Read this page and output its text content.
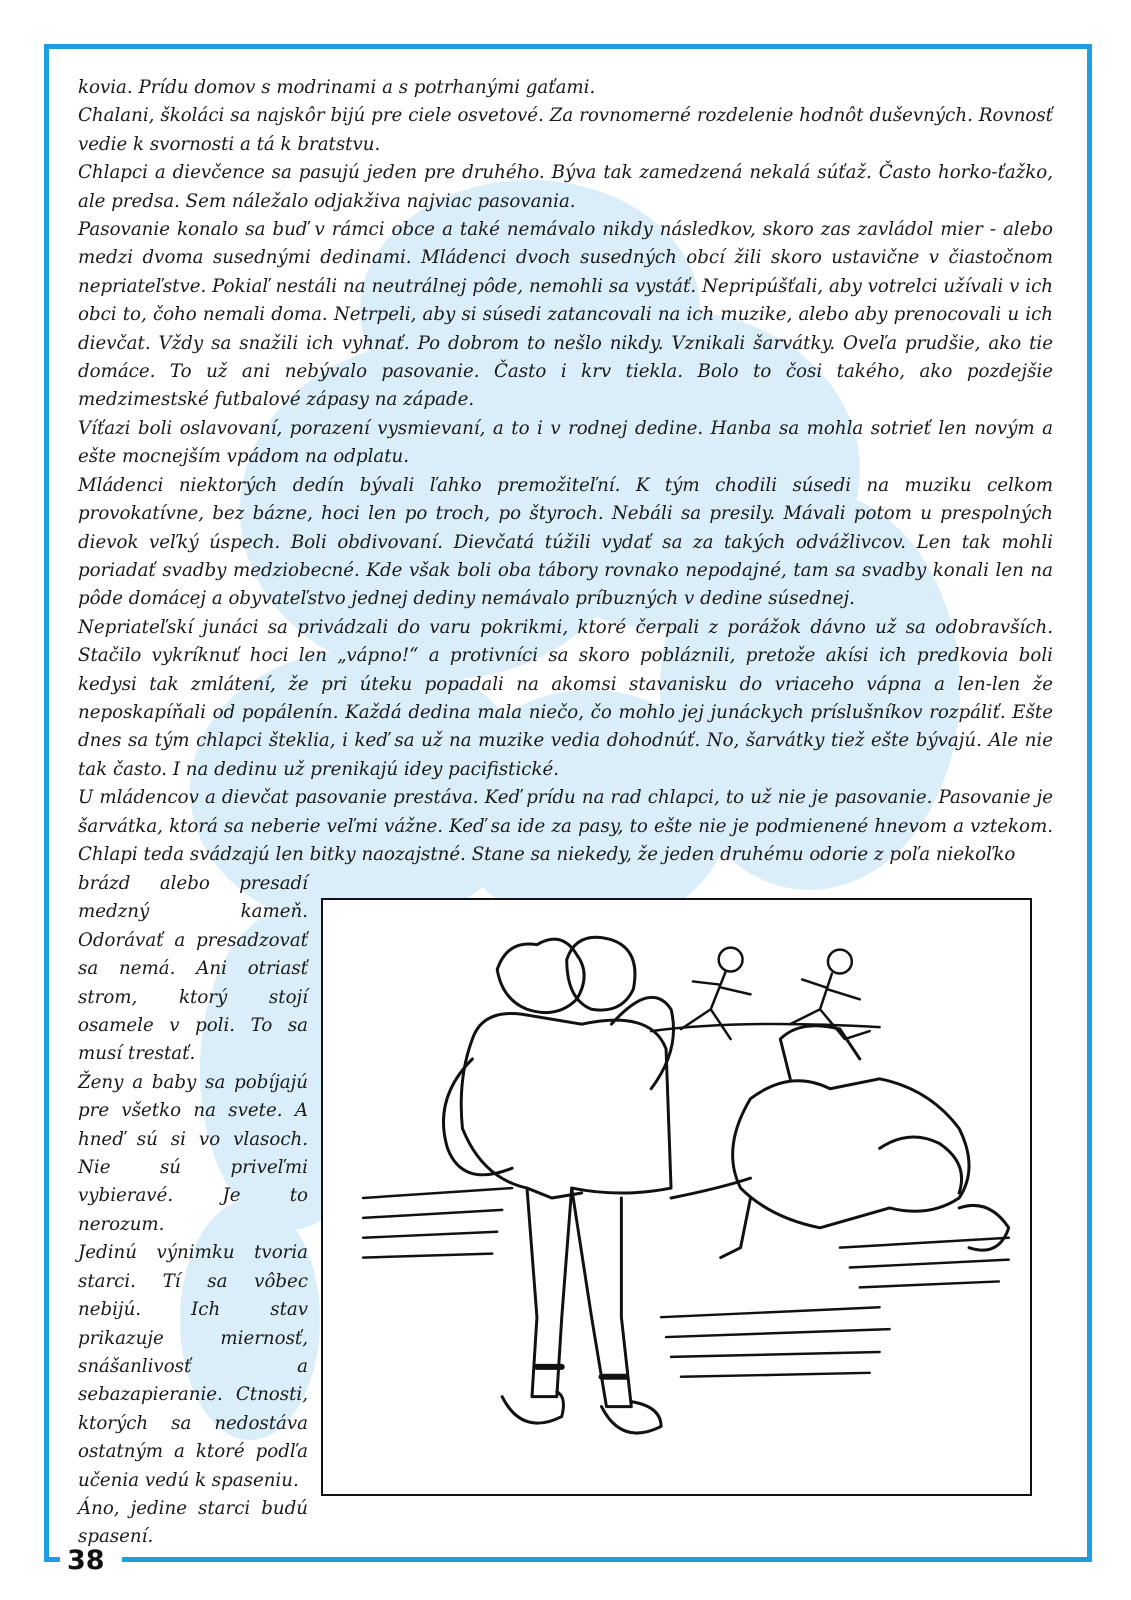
38

kovia. Prídu domov s modrinami a s potrhanými gaťami.

Chalani, školáci sa najskôr bijú pre ciele osvetové. Za rovnomerné rozdelenie hodnôt duševných. Rovnosť vedie k svornosti a tá k bratstvu.

Chlapci a dievčence sa pasujú jeden pre druhého. Býva tak zamedzená nekalá súťaž. Často horko-ťažko, ale predsa. Sem náležalo odjakživa najviac pasovania.

Pasovanie konalo sa buď v rámci obce a také nemávalo nikdy následkov, skoro zas zavládol mier - alebo medzi dvoma susednými dedinami. Mládenci dvoch susedných obcí žili skoro ustavične v čiastočnom nepriateľstve. Pokiaľ nestáli na neutrálnej pôde, nemohli sa vystáť. Nepripúšťali, aby votrelci užívali v ich obci to, čoho nemali doma. Netrpeli, aby si súsedi zatancovali na ich muzike, alebo aby prenocovali u ich dievčat. Vždy sa snažili ich vyhnať. Po dobrom to nešlo nikdy. Vznikali šarvátky. Oveľa prudšie, ako tie domáce. To už ani nebývalo pasovanie. Často i krv tiekla. Bolo to čosi takého, ako pozdejšie medzimestské futbalové zápasy na západe.

Víťazi boli oslavovaní, porazení vysmievaní, a to i v rodnej dedine. Hanba sa mohla sotrieť len novým a ešte mocnejším vpádom na odplatu.

Mládenci niektorých dedín bývali ľahko premožiteľní. K tým chodili súsedi na muziku celkom provokatívne, bez bázne, hoci len po troch, po štyroch. Nebáli sa presily. Mávali potom u prespolných dievok veľký úspech. Boli obdivovaní. Dievčatá túžili vydať sa za takých odvážlivcov. Len tak mohli poriadať svadby medziobecné. Kde však boli oba tábory rovnako nepodajné, tam sa svadby konali len na pôde domácej a obyvateľstvo jednej dediny nemávalo príbuzných v dedine súsednej.

Nepriateľskí junáci sa privádzali do varu pokrikmi, ktoré čerpali z porážok dávno už sa odobravších. Stačilo vykríknuť hoci len „vápno!“ a protivníci sa skoro pobláznili, pretože akísi ich predkovia boli kedysi tak zmlátení, že pri úteku popadali na akomsi stavanisku do vriaceho vápna a len-len že neposkapíňali od popálenín. Každá dedina mala niečo, čo mohlo jej junáckych príslušníkov rozpáliť. Ešte dnes sa tým chlapci šteklia, i keď sa už na muzike vedia dohodnúť. No, šarvátky tiež ešte bývajú. Ale nie tak často. I na dedinu už prenikajú idey pacifistické.

U mládencov a dievčat pasovanie prestáva. Keď prídu na rad chlapci, to už nie je pasovanie. Pasovanie je šarvátka, ktorá sa neberie veľmi vážne. Keď sa ide za pasy, to ešte nie je podmienené hnevom a vztekom. Chlapi teda svádzajú len bitky naozajstné. Stane sa niekedy, že jeden druhému odorie z poľa niekoľko

brázd alebo presadí medzný kameň. Odorávať a presadzovať sa nemá. Ani otriasť strom, ktorý stojí osamele v poli. To sa musí trestať.

Ženy a baby sa pobíjajú pre všetko na svete. A hneď sú si vo vlasoch. Nie sú priveľmi vybieravé. Je to nerozum.

Jedinú výnimku tvoria starci. Tí sa vôbec nebijú. Ich stav prikazuje miernosť, snášanlivosť a sebazapieranie. Ctnosti, ktorých sa nedostáva ostatným a ktoré podľa učenia vedú k spaseniu.

Áno, jedine starci budú spasení.
